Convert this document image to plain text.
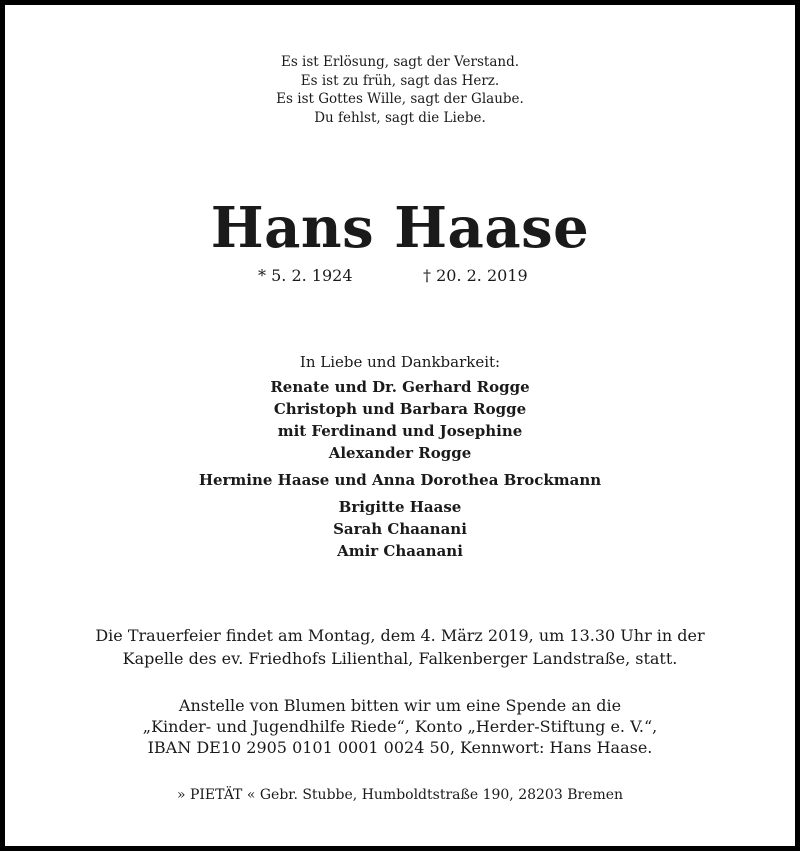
Es ist Erlösung, sagt der Verstand.
Es ist zu früh, sagt das Herz.
Es ist Gottes Wille, sagt der Glaube.
Du fehlst, sagt die Liebe.
Hans Haase
* 5. 2. 1924	† 20. 2. 2019
In Liebe und Dankbarkeit:
Renate und Dr. Gerhard Rogge
Christoph und Barbara Rogge
mit Ferdinand und Josephine
Alexander Rogge
Hermine Haase und Anna Dorothea Brockmann
Brigitte Haase
Sarah Chaanani
Amir Chaanani
Die Trauerfeier findet am Montag, dem 4. März 2019, um 13.30 Uhr in der
Kapelle des ev. Friedhofs Lilienthal, Falkenberger Landstraße, statt.
Anstelle von Blumen bitten wir um eine Spende an die
„Kinder- und Jugendhilfe Riede“, Konto „Herder-Stiftung e. V.“,
IBAN DE10 2905 0101 0001 0024 50, Kennwort: Hans Haase.
» PIETÄT « Gebr. Stubbe, Humboldtstraße 190, 28203 Bremen
